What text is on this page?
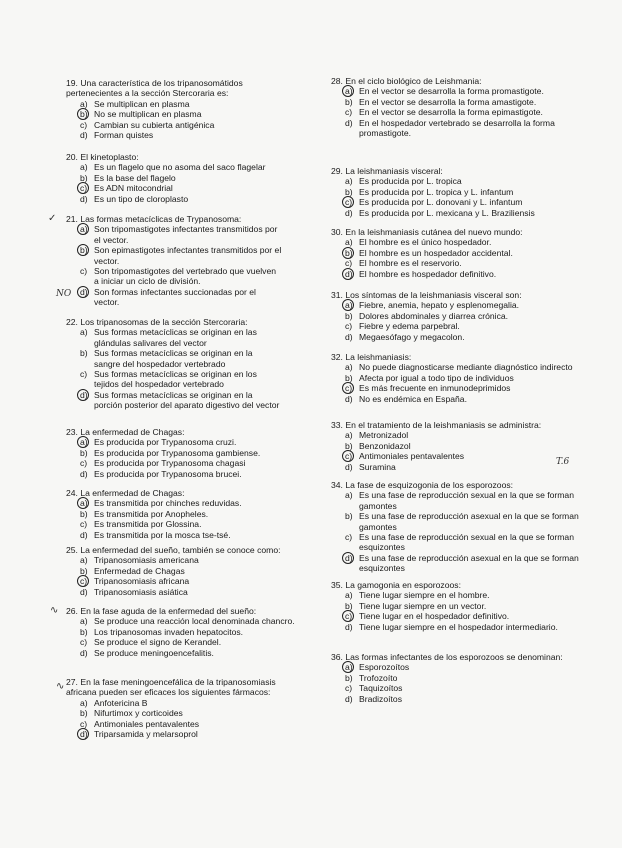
19. Una característica de los tripanosomátidos pertenecientes a la sección Stercoraria es:
a) Se multiplican en plasma
b) No se multiplican en plasma
c) Cambian su cubierta antigénica
d) Forman quistes
20. El kinetoplasto:
a) Es un flagelo que no asoma del saco flagelar
b) Es la base del flagelo
c) Es ADN mitocondrial
d) Es un tipo de cloroplasto
21. Las formas metacíclicas de Trypanosoma:
a) Son tripomastigotes infectantes transmitidos por el vector.
b) Son epimastigotes infectantes transmitidos por el vector.
c) Son tripomastigotes del vertebrado que vuelven a iniciar un ciclo de división.
d) Son formas infectantes succionadas por el vector.
22. Los tripanosomas de la sección Stercoraria:
a) Sus formas metacíclicas se originan en las glándulas salivares del vector
b) Sus formas metacíclicas se originan en la sangre del hospedador vertebrado
c) Sus formas metacíclicas se originan en los tejidos del hospedador vertebrado
d) Sus formas metacíclicas se originan en la porción posterior del aparato digestivo del vector
23. La enfermedad de Chagas:
a) Es producida por Trypanosoma cruzi.
b) Es producida por Trypanosoma gambiense.
c) Es producida por Trypanosoma chagasi
d) Es producida por Trypanosoma brucei.
24. La enfermedad de Chagas:
a) Es transmitida por chinches reduvidas.
b) Es transmitida por Anopheles.
c) Es transmitida por Glossina.
d) Es transmitida por la mosca tse-tsé.
25. La enfermedad del sueño, también se conoce como:
a) Tripanosomiasis americana
b) Enfermedad de Chagas
c) Tripanosomiasis africana
d) Tripanosomiasis asiática
26. En la fase aguda de la enfermedad del sueño:
a) Se produce una reacción local denominada chancro.
b) Los tripanosomas invaden hepatocitos.
c) Se produce el signo de Kerandel.
d) Se produce meningoencefalitis.
27. En la fase meningoencefálica de la tripanosomiasis africana pueden ser eficaces los siguientes fármacos:
a) Anfotericina B
b) Nifurtimox y corticoides
c) Antimoniales pentavalentes
d) Triparsamida y melarsoprol
28. En el ciclo biológico de Leishmania:
a) En el vector se desarrolla la forma promastigote.
b) En el vector se desarrolla la forma amastigote.
c) En el vector se desarrolla la forma epimastigote.
d) En el hospedador vertebrado se desarrolla la forma promastigote.
29. La leishmaniasis visceral:
a) Es producida por L. tropica
b) Es producida por L. tropica y L. infantum
c) Es producida por L. donovani y L. infantum
d) Es producida por L. mexicana y L. Braziliensis
30. En la leishmaniasis cutánea del nuevo mundo:
a) El hombre es el único hospedador.
b) El hombre es un hospedador accidental.
c) El hombre es el reservorio.
d) El hombre es hospedador definitivo.
31. Los síntomas de la leishmaniasis visceral son:
a) Fiebre, anemia, hepato y esplenomegalia.
b) Dolores abdominales y diarrea crónica.
c) Fiebre y edema parpebral.
d) Megaesófago y megacolon.
32. La leishmaniasis:
a) No puede diagnosticarse mediante diagnóstico indirecto
b) Afecta por igual a todo tipo de individuos
c) Es más frecuente en inmunodeprimidos
d) No es endémica en España.
33. En el tratamiento de la leishmaniasis se administra:
a) Metronizadol
b) Benzonidazol
c) Antimoniales pentavalentes
d) Suramina
34. La fase de esquizogonia de los esporozoos:
a) Es una fase de reproducción sexual en la que se forman gamontes
b) Es una fase de reproducción asexual en la que se forman gamontes
c) Es una fase de reproducción sexual en la que se forman esquizontes
d) Es una fase de reproducción asexual en la que se forman esquizontes
35. La gamogonia en esporozoos:
a) Tiene lugar siempre en el hombre.
b) Tiene lugar siempre en un vector.
c) Tiene lugar en el hospedador definitivo.
d) Tiene lugar siempre en el hospedador intermediario.
36. Las formas infectantes de los esporozoos se denominan:
a) Esporozoítos
b) Trofozoíto
c) Taquizoítos
d) Bradizoítos
NO
T.6
✓
∿
∿
